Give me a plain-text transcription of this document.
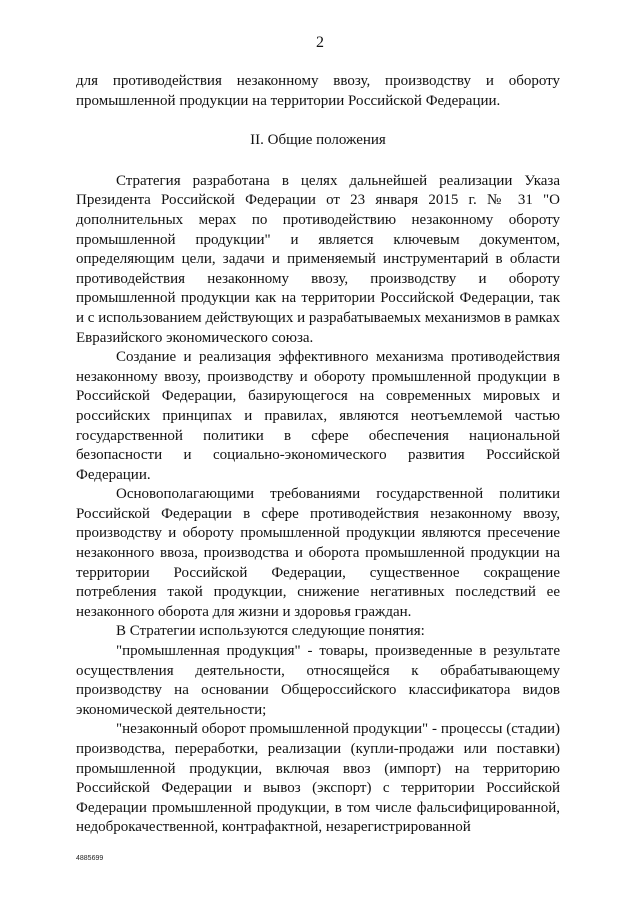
2

для противодействия незаконному ввозу, производству и обороту промышленной продукции на территории Российской Федерации.

II. Общие положения

Стратегия разработана в целях дальнейшей реализации Указа Президента Российской Федерации от 23 января 2015 г. № 31 "О дополнительных мерах по противодействию незаконному обороту промышленной продукции" и является ключевым документом, определяющим цели, задачи и применяемый инструментарий в области противодействия незаконному ввозу, производству и обороту промышленной продукции как на территории Российской Федерации, так и с использованием действующих и разрабатываемых механизмов в рамках Евразийского экономического союза.

Создание и реализация эффективного механизма противодействия незаконному ввозу, производству и обороту промышленной продукции в Российской Федерации, базирующегося на современных мировых и российских принципах и правилах, являются неотъемлемой частью государственной политики в сфере обеспечения национальной безопасности и социально-экономического развития Российской Федерации.

Основополагающими требованиями государственной политики Российской Федерации в сфере противодействия незаконному ввозу, производству и обороту промышленной продукции являются пресечение незаконного ввоза, производства и оборота промышленной продукции на территории Российской Федерации, существенное сокращение потребления такой продукции, снижение негативных последствий ее незаконного оборота для жизни и здоровья граждан.

В Стратегии используются следующие понятия:

"промышленная продукция" - товары, произведенные в результате осуществления деятельности, относящейся к обрабатывающему производству на основании Общероссийского классификатора видов экономической деятельности;

"незаконный оборот промышленной продукции" - процессы (стадии) производства, переработки, реализации (купли-продажи или поставки) промышленной продукции, включая ввоз (импорт) на территорию Российской Федерации и вывоз (экспорт) с территории Российской Федерации промышленной продукции, в том числе фальсифицированной, недоброкачественной, контрафактной, незарегистрированной

4885699
